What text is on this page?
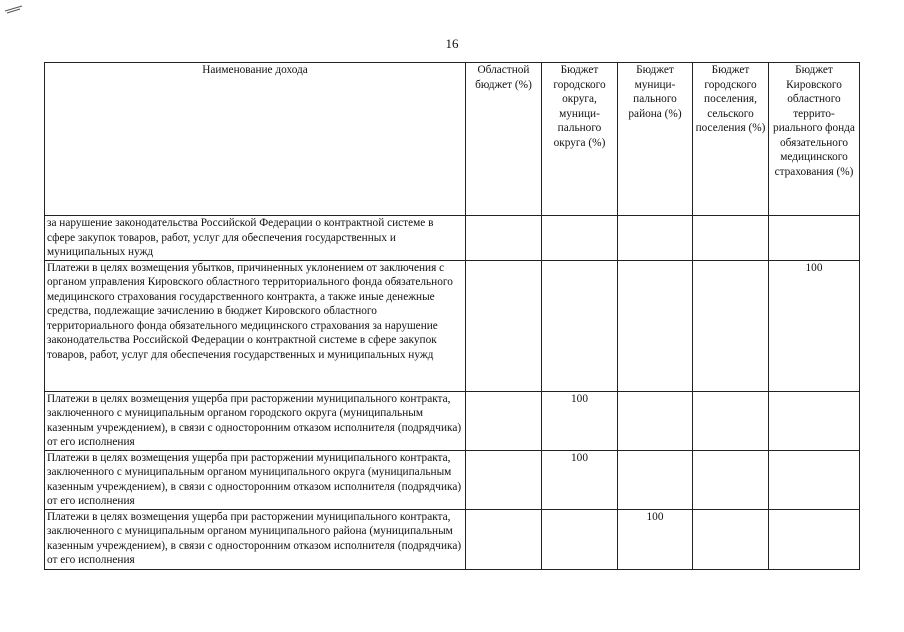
16
Наименование дохода	Областной бюджет (%)	Бюджет городского округа, муници-пального округа (%)	Бюджет муници-пального района (%)	Бюджет городского поселения, сельского поселения (%)	Бюджет Кировского областного террито-риального фонда обязательного медицинского страхования (%)
за нарушение законодательства Российской Федерации о контрактной системе в сфере закупок товаров, работ, услуг для обеспечения государственных и муниципальных нужд					
Платежи в целях возмещения убытков, причиненных уклонением от заключения с органом управления Кировского областного территориального фонда обязательного медицинского страхования государственного контракта, а также иные денежные средства, подлежащие зачислению в бюджет Кировского областного территориального фонда обязательного медицинского страхования за нарушение законодательства Российской Федерации о контрактной системе в сфере закупок товаров, работ, услуг для обеспечения государственных и муниципальных нужд					100
Платежи в целях возмещения ущерба при расторжении муниципального контракта, заключенного с муниципальным органом городского округа (муниципальным казенным учреждением), в связи с односторонним отказом исполнителя (подрядчика) от его исполнения		100			
Платежи в целях возмещения ущерба при расторжении муниципального контракта, заключенного с муниципальным органом муниципального округа (муниципальным казенным учреждением), в связи с односторонним отказом исполнителя (подрядчика) от его исполнения		100			
Платежи в целях возмещения ущерба при расторжении муниципального контракта, заключенного с муниципальным органом муниципального района (муниципальным казенным учреждением), в связи с односторонним отказом исполнителя (подрядчика) от его исполнения			100		
